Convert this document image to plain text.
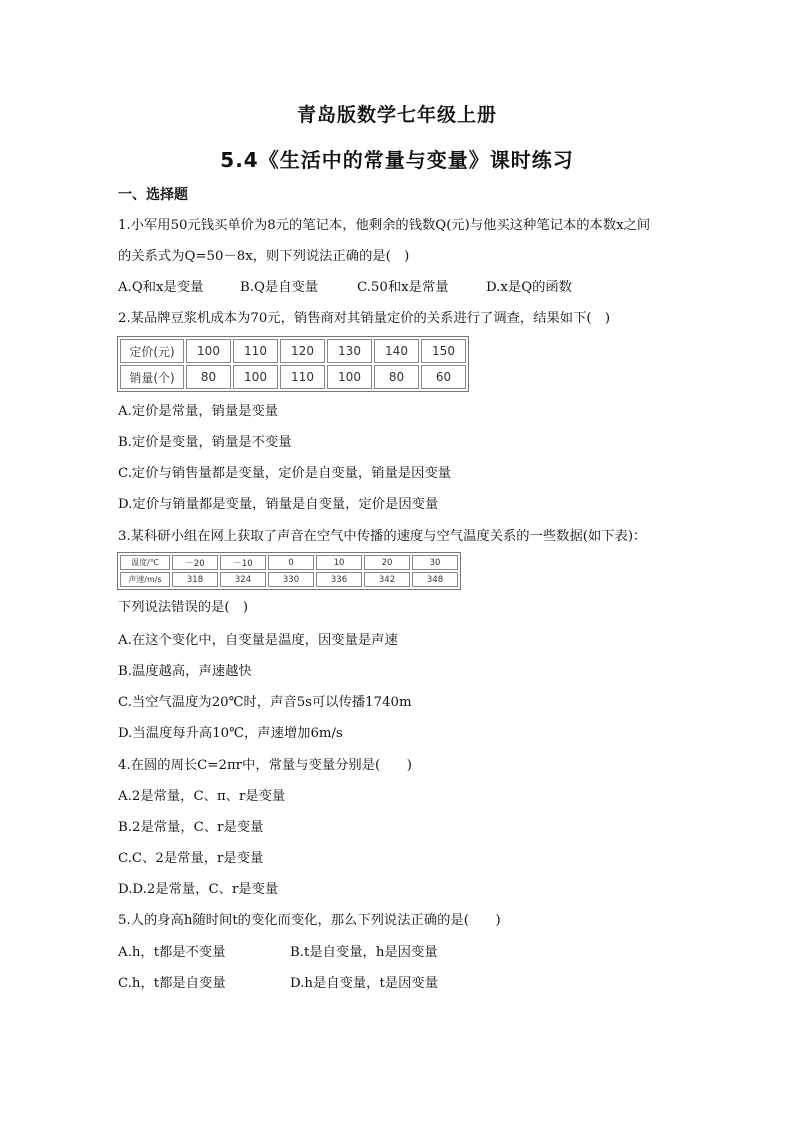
青岛版数学七年级上册
5.4《生活中的常量与变量》课时练习
一、选择题
1.小军用50元钱买单价为8元的笔记本，他剩余的钱数Q(元)与他买这种笔记本的本数x之间
的关系式为Q=50－8x，则下列说法正确的是(　)
A.Q和x是变量	B.Q是自变量	C.50和x是常量	D.x是Q的函数
2.某品牌豆浆机成本为70元，销售商对其销量定价的关系进行了调查，结果如下(　)
定价(元)	100	110	120	130	140	150
销量(个)	80	100	110	100	80	60
A.定价是常量，销量是变量
B.定价是变量，销量是不变量
C.定价与销售量都是变量，定价是自变量，销量是因变量
D.定价与销量都是变量，销量是自变量，定价是因变量
3.某科研小组在网上获取了声音在空气中传播的速度与空气温度关系的一些数据(如下表)：
温度/℃	－20	－10	0	10	20	30
声速/m/s	318	324	330	336	342	348
下列说法错误的是(　)
A.在这个变化中，自变量是温度，因变量是声速
B.温度越高，声速越快
C.当空气温度为20℃时，声音5s可以传播1740m
D.当温度每升高10℃，声速增加6m/s
4.在圆的周长C=2πr中，常量与变量分别是(　　)
A.2是常量，C、π、r是变量
B.2是常量，C、r是变量
C.C、2是常量，r是变量
D.D.2是常量，C、r是变量
5.人的身高h随时间t的变化而变化，那么下列说法正确的是(　　)
A.h，t都是不变量	B.t是自变量，h是因变量
C.h，t都是自变量	D.h是自变量，t是因变量
